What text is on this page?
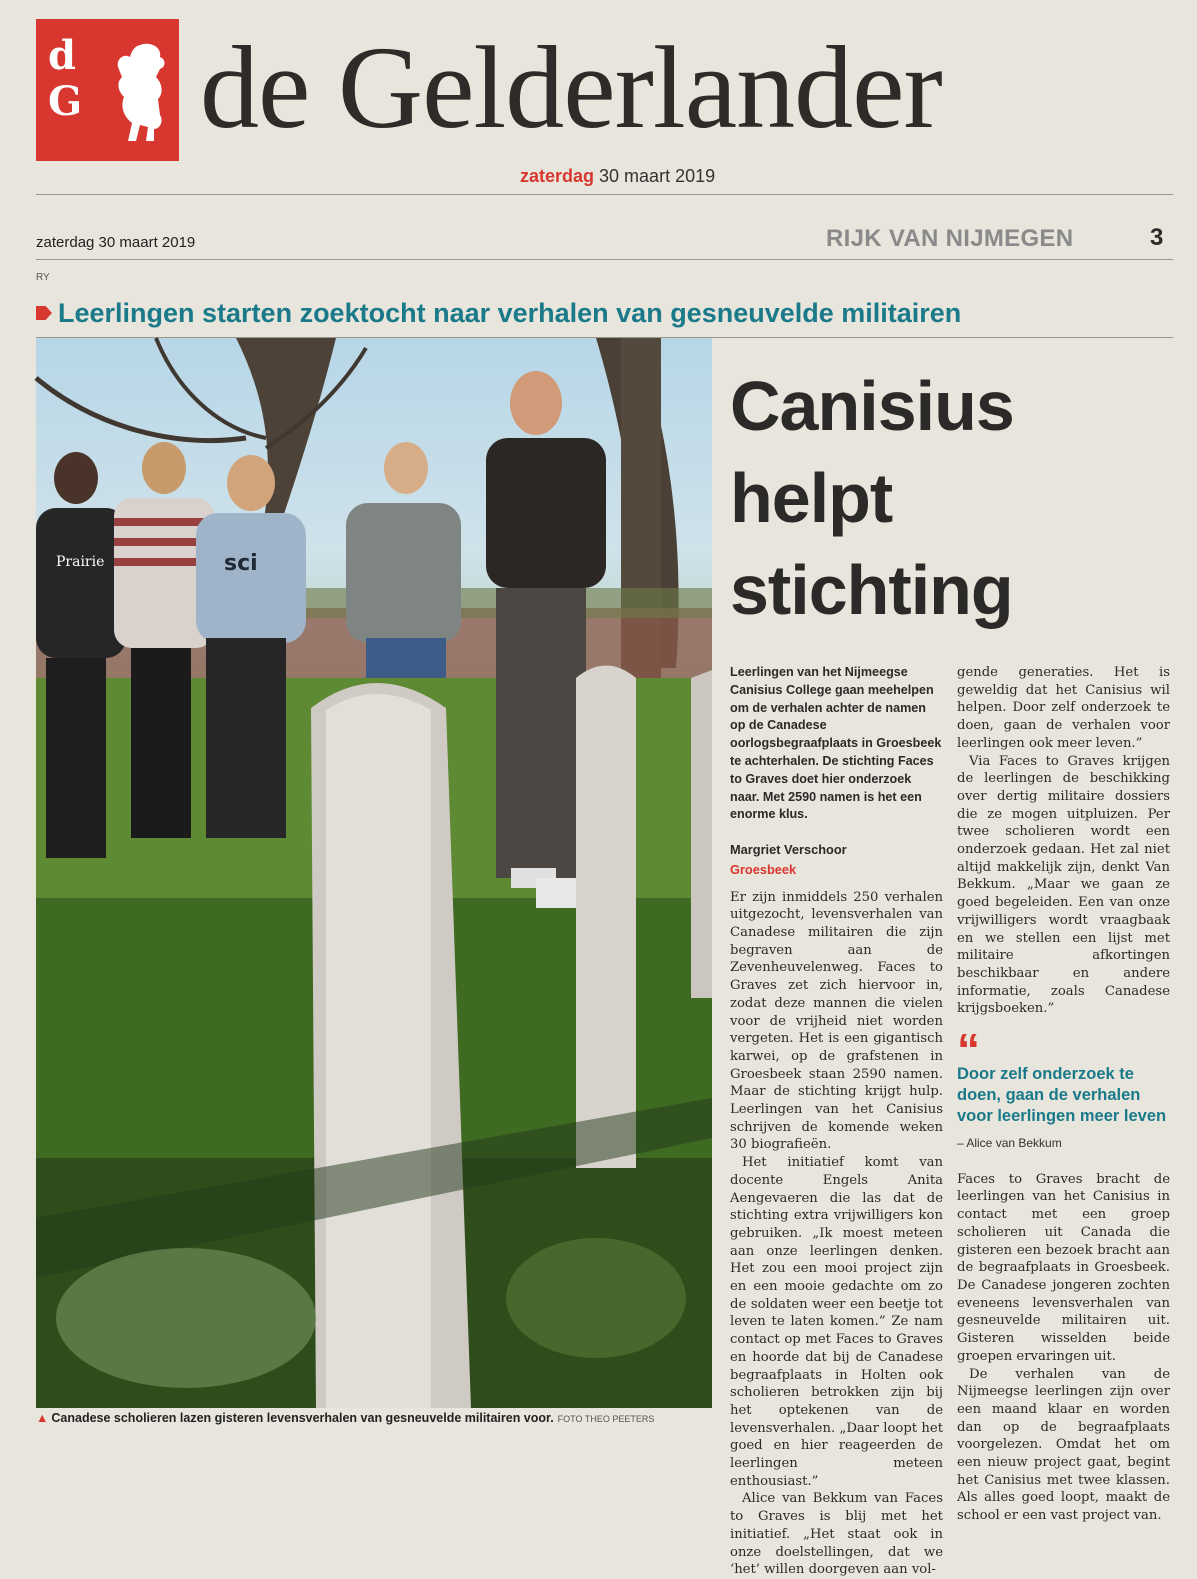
d
G de Gelderlander
zaterdag 30 maart 2019
zaterdag 30 maart 2019	RIJK VAN NIJMEGEN	3
RY
Leerlingen starten zoektocht naar verhalen van gesneuvelde militairen
Prairie	sci
▲ Canadese scholieren lazen gisteren levensverhalen van gesneuvelde militairen voor. FOTO THEO PEETERS
Canisius
helpt
stichting

Leerlingen van het Nijmeegse Canisius College gaan meehelpen om de verhalen achter de namen op de Canadese oorlogsbegraafplaats in Groesbeek te achterhalen. De stichting Faces to Graves doet hier onderzoek naar. Met 2590 namen is het een enorme klus.

Margriet Verschoor

Groesbeek

Er zijn inmiddels 250 verhalen uitgezocht, levensverhalen van Canadese militairen die zijn begraven aan de Zevenheuvelenweg. Faces to Graves zet zich hiervoor in, zodat deze mannen die vielen voor de vrijheid niet worden vergeten. Het is een gigantisch karwei, op de grafstenen in Groesbeek staan 2590 namen. Maar de stichting krijgt hulp. Leerlingen van het Canisius schrijven de komende weken 30 biografieën.

Het initiatief komt van docente Engels Anita Aengevaeren die las dat de stichting extra vrijwilligers kon gebruiken. „Ik moest meteen aan onze leerlingen denken. Het zou een mooi project zijn en een mooie gedachte om zo de soldaten weer een beetje tot leven te laten komen.” Ze nam contact op met Faces to Graves en hoorde dat bij de Canadese begraafplaats in Holten ook scholieren betrokken zijn bij het optekenen van de levensverhalen. „Daar loopt het goed en hier reageerden de leerlingen meteen enthousiast.”

Alice van Bekkum van Faces to Graves is blij met het initiatief. „Het staat ook in onze doelstellingen, dat we ‘het’ willen doorgeven aan vol-

gende generaties. Het is geweldig dat het Canisius wil helpen. Door zelf onderzoek te doen, gaan de verhalen voor leerlingen ook meer leven.”

Via Faces to Graves krijgen de leerlingen de beschikking over dertig militaire dossiers die ze mogen uitpluizen. Per twee scholieren wordt een onderzoek gedaan. Het zal niet altijd makkelijk zijn, denkt Van Bekkum. „Maar we gaan ze goed begeleiden. Een van onze vrijwilligers wordt vraagbaak en we stellen een lijst met militaire afkortingen beschikbaar en andere informatie, zoals Canadese krijgsboeken.”

“
Door zelf onderzoek te doen, gaan de verhalen voor leerlingen meer leven
– Alice van Bekkum

Faces to Graves bracht de leerlingen van het Canisius in contact met een groep scholieren uit Canada die gisteren een bezoek bracht aan de begraafplaats in Groesbeek. De Canadese jongeren zochten eveneens levensverhalen van gesneuvelde militairen uit. Gisteren wisselden beide groepen ervaringen uit.

De verhalen van de Nijmeegse leerlingen zijn over een maand klaar en worden dan op de begraafplaats voorgelezen. Omdat het om een nieuw project gaat, begint het Canisius met twee klassen. Als alles goed loopt, maakt de school er een vast project van.
